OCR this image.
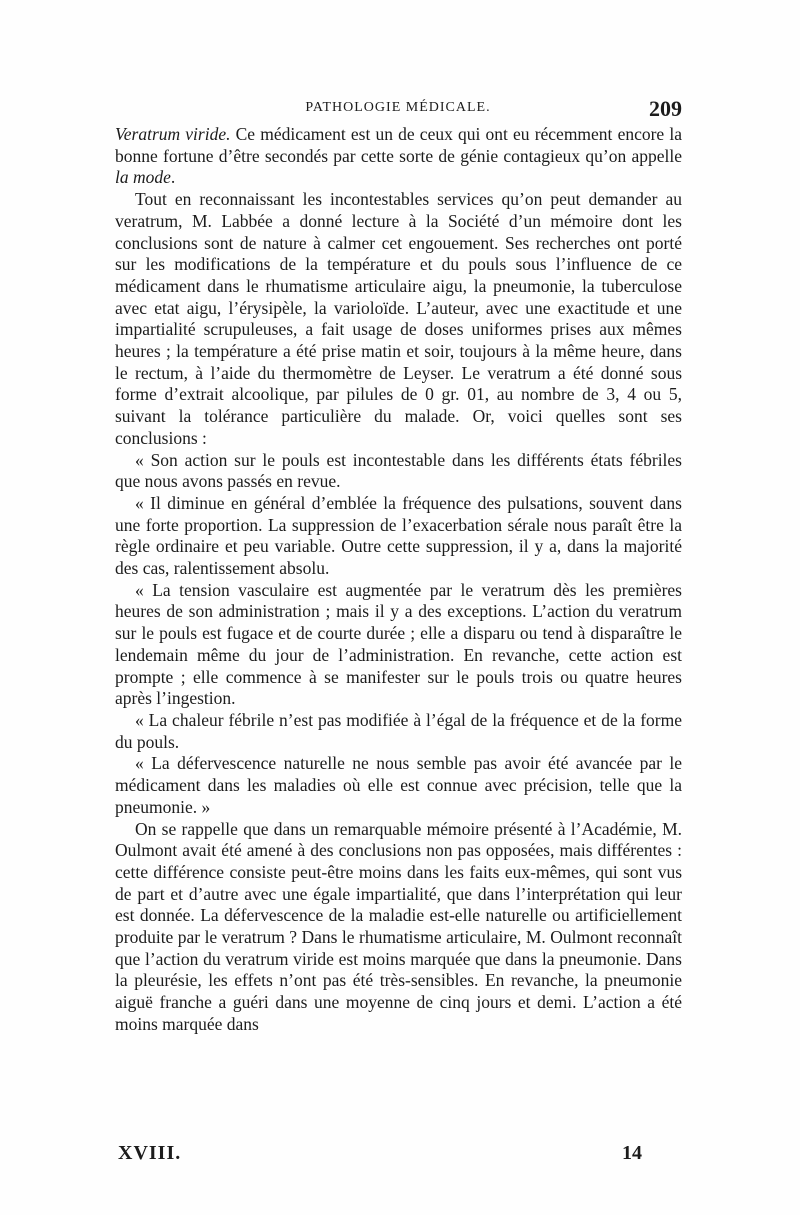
PATHOLOGIE MÉDICALE.	209

Veratrum viride. Ce médicament est un de ceux qui ont eu récemment encore la bonne fortune d’être secondés par cette sorte de génie contagieux qu’on appelle la mode.

Tout en reconnaissant les incontestables services qu’on peut demander au veratrum, M. Labbée a donné lecture à la Société d’un mémoire dont les conclusions sont de nature à calmer cet engouement. Ses recherches ont porté sur les modifications de la température et du pouls sous l’influence de ce médicament dans le rhumatisme articulaire aigu, la pneumonie, la tuberculose avec etat aigu, l’érysipèle, la varioloïde. L’auteur, avec une exactitude et une impartialité scrupuleuses, a fait usage de doses uniformes prises aux mêmes heures ; la température a été prise matin et soir, toujours à la même heure, dans le rectum, à l’aide du thermomètre de Leyser. Le veratrum a été donné sous forme d’extrait alcoolique, par pilules de 0 gr. 01, au nombre de 3, 4 ou 5, suivant la tolérance particulière du malade. Or, voici quelles sont ses conclusions :

« Son action sur le pouls est incontestable dans les différents états fébriles que nous avons passés en revue.

« Il diminue en général d’emblée la fréquence des pulsations, souvent dans une forte proportion. La suppression de l’exacerbation sérale nous paraît être la règle ordinaire et peu variable. Outre cette suppression, il y a, dans la majorité des cas, ralentissement absolu.

« La tension vasculaire est augmentée par le veratrum dès les premières heures de son administration ; mais il y a des exceptions. L’action du veratrum sur le pouls est fugace et de courte durée ; elle a disparu ou tend à disparaître le lendemain même du jour de l’administration. En revanche, cette action est prompte ; elle commence à se manifester sur le pouls trois ou quatre heures après l’ingestion.

« La chaleur fébrile n’est pas modifiée à l’égal de la fréquence et de la forme du pouls.

« La défervescence naturelle ne nous semble pas avoir été avancée par le médicament dans les maladies où elle est connue avec précision, telle que la pneumonie. »

On se rappelle que dans un remarquable mémoire présenté à l’Académie, M. Oulmont avait été amené à des conclusions non pas opposées, mais différentes : cette différence consiste peut-être moins dans les faits eux-mêmes, qui sont vus de part et d’autre avec une égale impartialité, que dans l’interprétation qui leur est donnée. La défervescence de la maladie est-elle naturelle ou artificiellement produite par le veratrum ? Dans le rhumatisme articulaire, M. Oulmont reconnaît que l’action du veratrum viride est moins marquée que dans la pneumonie. Dans la pleurésie, les effets n’ont pas été très-sensibles. En revanche, la pneumonie aiguë franche a guéri dans une moyenne de cinq jours et demi. L’action a été moins marquée dans

XVIII.	14
